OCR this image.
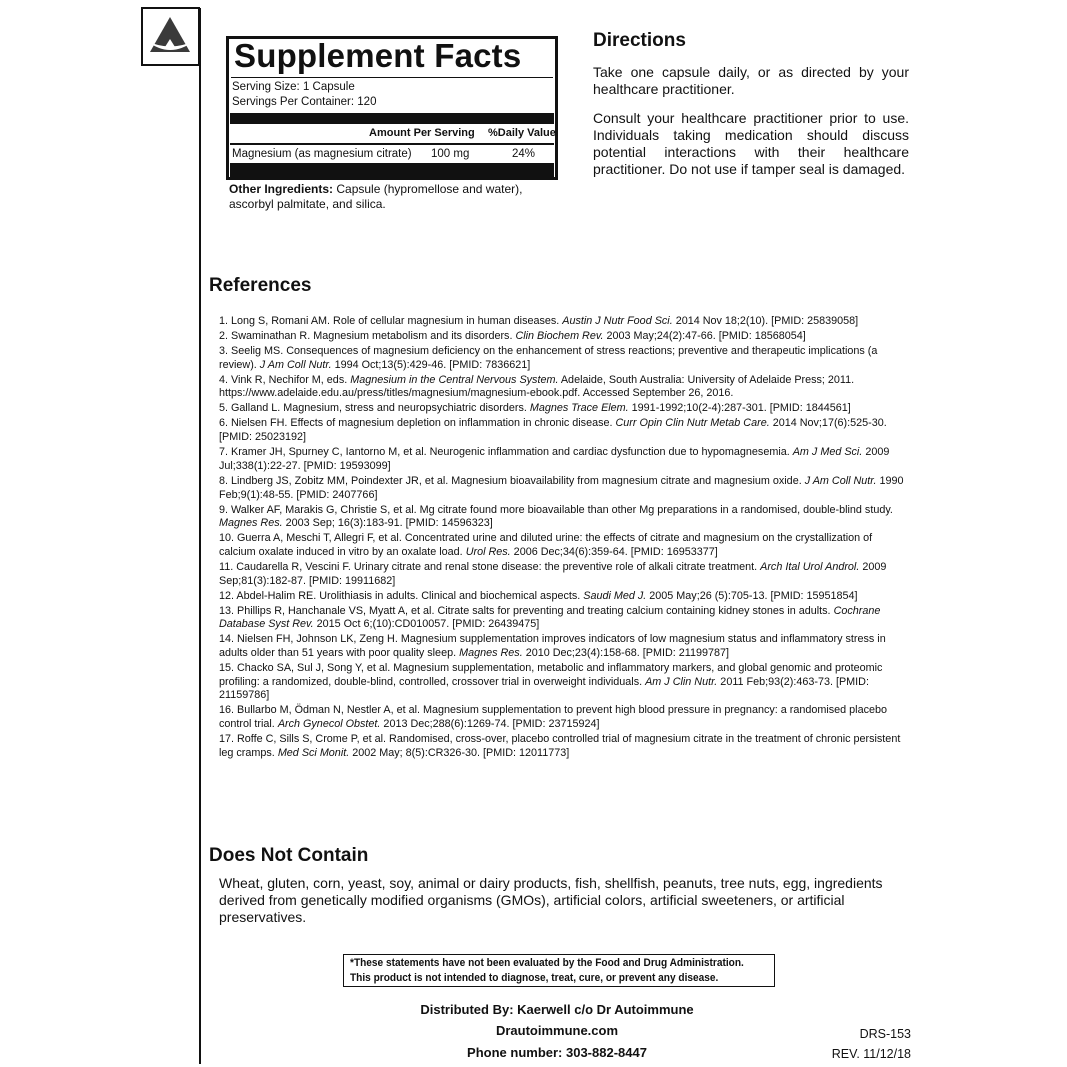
Supplement Facts
Serving Size: 1 Capsule
Servings Per Container: 120
Amount Per Serving %Daily Value
Magnesium (as magnesium citrate) 100 mg	24%
Other Ingredients: Capsule (hypromellose and water), ascorbyl palmitate, and silica.
Directions
Take one capsule daily, or as directed by your healthcare practitioner.
Consult your healthcare practitioner prior to use. Individuals taking medication should discuss potential interactions with their healthcare practitioner. Do not use if tamper seal is damaged.
References
1. Long S, Romani AM. Role of cellular magnesium in human diseases. Austin J Nutr Food Sci. 2014 Nov 18;2(10). [PMID: 25839058]
2. Swaminathan R. Magnesium metabolism and its disorders. Clin Biochem Rev. 2003 May;24(2):47-66. [PMID: 18568054]
3. Seelig MS. Consequences of magnesium deficiency on the enhancement of stress reactions; preventive and therapeutic implications (a review). J Am Coll Nutr. 1994 Oct;13(5):429-46. [PMID: 7836621]
4. Vink R, Nechifor M, eds. Magnesium in the Central Nervous System. Adelaide, South Australia: University of Adelaide Press; 2011. https://www.adelaide.edu.au/press/titles/magnesium/magnesium-ebook.pdf. Accessed September 26, 2016.
5. Galland L. Magnesium, stress and neuropsychiatric disorders. Magnes Trace Elem. 1991-1992;10(2-4):287-301. [PMID: 1844561]
6. Nielsen FH. Effects of magnesium depletion on inflammation in chronic disease. Curr Opin Clin Nutr Metab Care. 2014 Nov;17(6):525-30. [PMID: 25023192]
7. Kramer JH, Spurney C, Iantorno M, et al. Neurogenic inflammation and cardiac dysfunction due to hypomagnesemia. Am J Med Sci. 2009 Jul;338(1):22-27. [PMID: 19593099]
8. Lindberg JS, Zobitz MM, Poindexter JR, et al. Magnesium bioavailability from magnesium citrate and magnesium oxide. J Am Coll Nutr. 1990 Feb;9(1):48-55. [PMID: 2407766]
9. Walker AF, Marakis G, Christie S, et al. Mg citrate found more bioavailable than other Mg preparations in a randomised, double-blind study. Magnes Res. 2003 Sep; 16(3):183-91. [PMID: 14596323]
10. Guerra A, Meschi T, Allegri F, et al. Concentrated urine and diluted urine: the effects of citrate and magnesium on the crystallization of calcium oxalate induced in vitro by an oxalate load. Urol Res. 2006 Dec;34(6):359-64. [PMID: 16953377]
11. Caudarella R, Vescini F. Urinary citrate and renal stone disease: the preventive role of alkali citrate treatment. Arch Ital Urol Androl. 2009 Sep;81(3):182-87. [PMID: 19911682]
12. Abdel-Halim RE. Urolithiasis in adults. Clinical and biochemical aspects. Saudi Med J. 2005 May;26 (5):705-13. [PMID: 15951854]
13. Phillips R, Hanchanale VS, Myatt A, et al. Citrate salts for preventing and treating calcium containing kidney stones in adults. Cochrane Database Syst Rev. 2015 Oct 6;(10):CD010057. [PMID: 26439475]
14. Nielsen FH, Johnson LK, Zeng H. Magnesium supplementation improves indicators of low magnesium status and inflammatory stress in adults older than 51 years with poor quality sleep. Magnes Res. 2010 Dec;23(4):158-68. [PMID: 21199787]
15. Chacko SA, Sul J, Song Y, et al. Magnesium supplementation, metabolic and inflammatory markers, and global genomic and proteomic profiling: a randomized, double-blind, controlled, crossover trial in overweight individuals. Am J Clin Nutr. 2011 Feb;93(2):463-73. [PMID: 21159786]
16. Bullarbo M, Ödman N, Nestler A, et al. Magnesium supplementation to prevent high blood pressure in pregnancy: a randomised placebo control trial. Arch Gynecol Obstet. 2013 Dec;288(6):1269-74. [PMID: 23715924]
17. Roffe C, Sills S, Crome P, et al. Randomised, cross-over, placebo controlled trial of magnesium citrate in the treatment of chronic persistent leg cramps. Med Sci Monit. 2002 May; 8(5):CR326-30. [PMID: 12011773]
Does Not Contain
Wheat, gluten, corn, yeast, soy, animal or dairy products, fish, shellfish, peanuts, tree nuts, egg, ingredients derived from genetically modified organisms (GMOs), artificial colors, artificial sweeteners, or artificial preservatives.
*These statements have not been evaluated by the Food and Drug Administration.
This product is not intended to diagnose, treat, cure, or prevent any disease.
Distributed By: Kaerwell c/o Dr Autoimmune
Drautoimmune.com
Phone number: 303-882-8447
DRS-153
REV. 11/12/18
